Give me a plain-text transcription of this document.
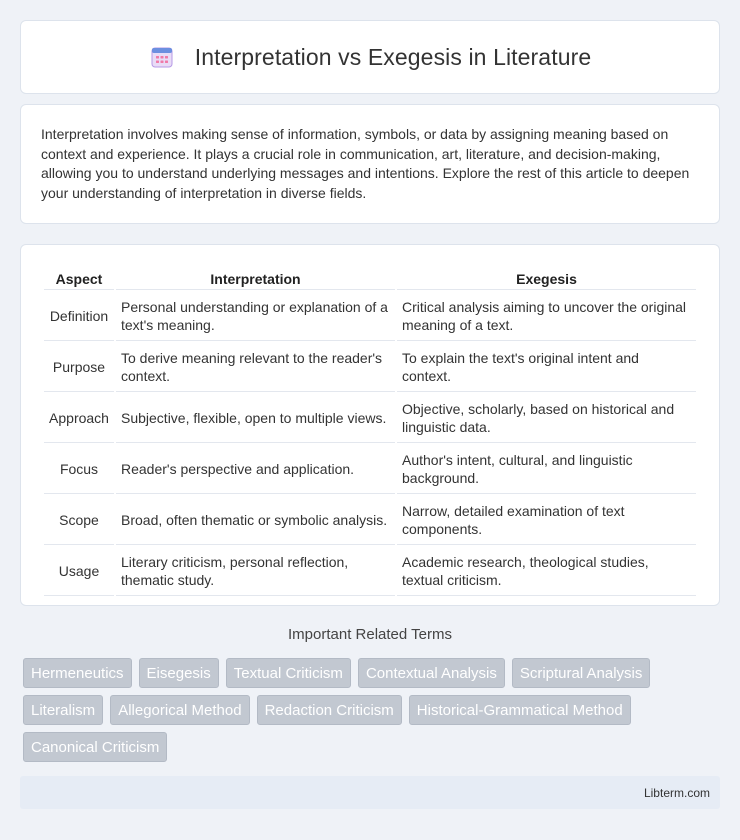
Interpretation vs Exegesis in Literature

Interpretation involves making sense of information, symbols, or data by assigning meaning based on context and experience. It plays a crucial role in communication, art, literature, and decision-making, allowing you to understand underlying messages and intentions. Explore the rest of this article to deepen your understanding of interpretation in diverse fields.

Aspect	Interpretation	Exegesis
Definition	Personal understanding or explanation of a text's meaning.	Critical analysis aiming to uncover the original meaning of a text.
Purpose	To derive meaning relevant to the reader's context.	To explain the text's original intent and context.
Approach	Subjective, flexible, open to multiple views.	Objective, scholarly, based on historical and linguistic data.
Focus	Reader's perspective and application.	Author's intent, cultural, and linguistic background.
Scope	Broad, often thematic or symbolic analysis.	Narrow, detailed examination of text components.
Usage	Literary criticism, personal reflection, thematic study.	Academic research, theological studies, textual criticism.
Important Related Terms
Hermeneutics	Eisegesis	Textual Criticism	Contextual Analysis	Scriptural Analysis
Literalism	Allegorical Method	Redaction Criticism	Historical-Grammatical Method
Canonical Criticism
Libterm.com
